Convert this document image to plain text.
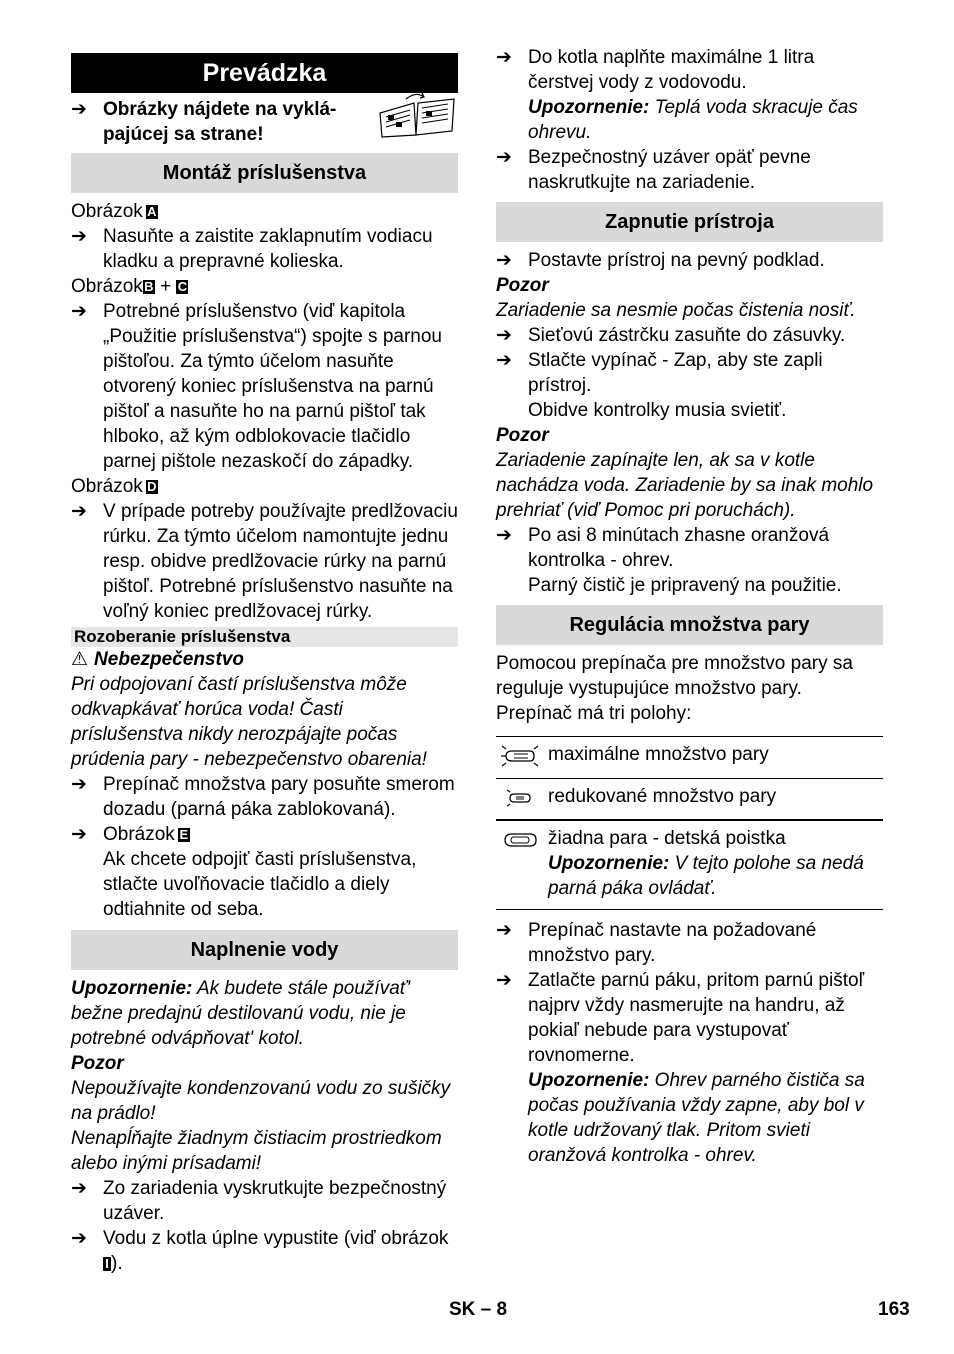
Prevádzka
➔ Obrázky nájdete na vyklá-
pajúcej sa strane!
Montáž príslušenstva

Obrázok A

➔ Nasuňte a zaistite zaklapnutím vodiacu kladku a prepravné kolieska.

ObrázokB + C

➔ Potrebné príslušenstvo (viď kapitola „Použitie príslušenstva“) spojte s parnou pištoľou. Za týmto účelom nasuňte otvorený koniec príslušenstva na parnú pištoľ a nasuňte ho na parnú pištoľ tak hlboko, až kým odblokovacie tlačidlo parnej pištole nezaskočí do západky.

Obrázok D

➔ V prípade potreby používajte predlžovaciu rúrku. Za týmto účelom namontujte jednu resp. obidve predlžovacie rúrky na parnú pištoľ. Potrebné príslušenstvo nasuňte na voľný koniec predlžovacej rúrky.
Rozoberanie príslušenstva

⚠ Nebezpečenstvo

Pri odpojovaní častí príslušenstva môže odkvapkávať horúca voda! Časti príslušenstva nikdy nerozpájajte počas prúdenia pary - nebezpečenstvo obarenia!

➔ Prepínač množstva pary posuňte smerom dozadu (parná páka zablokovaná).
➔ Obrázok E

Ak chcete odpojiť časti príslušenstva, stlačte uvoľňovacie tlačidlo a diely odtiahnite od seba.

Naplnenie vody

Upozornenie: Ak budete stále používať' bežne predajnú destilovanú vodu, nie je potrebné odvápňovat' kotol.

Pozor

Nepoužívajte kondenzovanú vodu zo sušičky na prádlo!

Nenapĺňajte žiadnym čistiacim prostriedkom alebo inými prísadami!

➔ Zo zariadenia vyskrutkujte bezpečnostný uzáver.
➔ Vodu z kotla úplne vypustite (viď obrázok I ).
➔ Do kotla naplňte maximálne 1 litra čerstvej vody z vodovodu.

Upozornenie: Teplá voda skracuje čas ohrevu.

➔ Bezpečnostný uzáver opäť pevne naskrutkujte na zariadenie.
Zapnutie prístroja
➔ Postavte prístroj na pevný podklad.

Pozor

Zariadenie sa nesmie počas čistenia nosiť.

➔ Sieťovú zástrčku zasuňte do zásuvky.
➔ Stlačte vypínač - Zap, aby ste zapli prístroj.

Obidve kontrolky musia svietiť.

Pozor

Zariadenie zapínajte len, ak sa v kotle nachádza voda. Zariadenie by sa inak mohlo prehriať (viď Pomoc pri poruchách).

➔ Po asi 8 minútach zhasne oranžová kontrolka - ohrev.

Parný čistič je pripravený na použitie.

Regulácia množstva pary

Pomocou prepínača pre množstvo pary sa reguluje vystupujúce množstvo pary. Prepínač má tri polohy:

	maximálne množstvo pary

	redukované množstvo pary

žiadna para - detská poistka
Upozornenie: V tejto polohe sa nedá parná páka ovládať.
➔ Prepínač nastavte na požadované množstvo pary.
➔ Zatlačte parnú páku, pritom parnú pištoľ najprv vždy nasmerujte na handru, až pokiaľ nebude para vystupovať rovnomerne.

Upozornenie: Ohrev parného čističa sa počas používania vždy zapne, aby bol v kotle udržovaný tlak. Pritom svieti oranžová kontrolka - ohrev.

SK – 8	163
